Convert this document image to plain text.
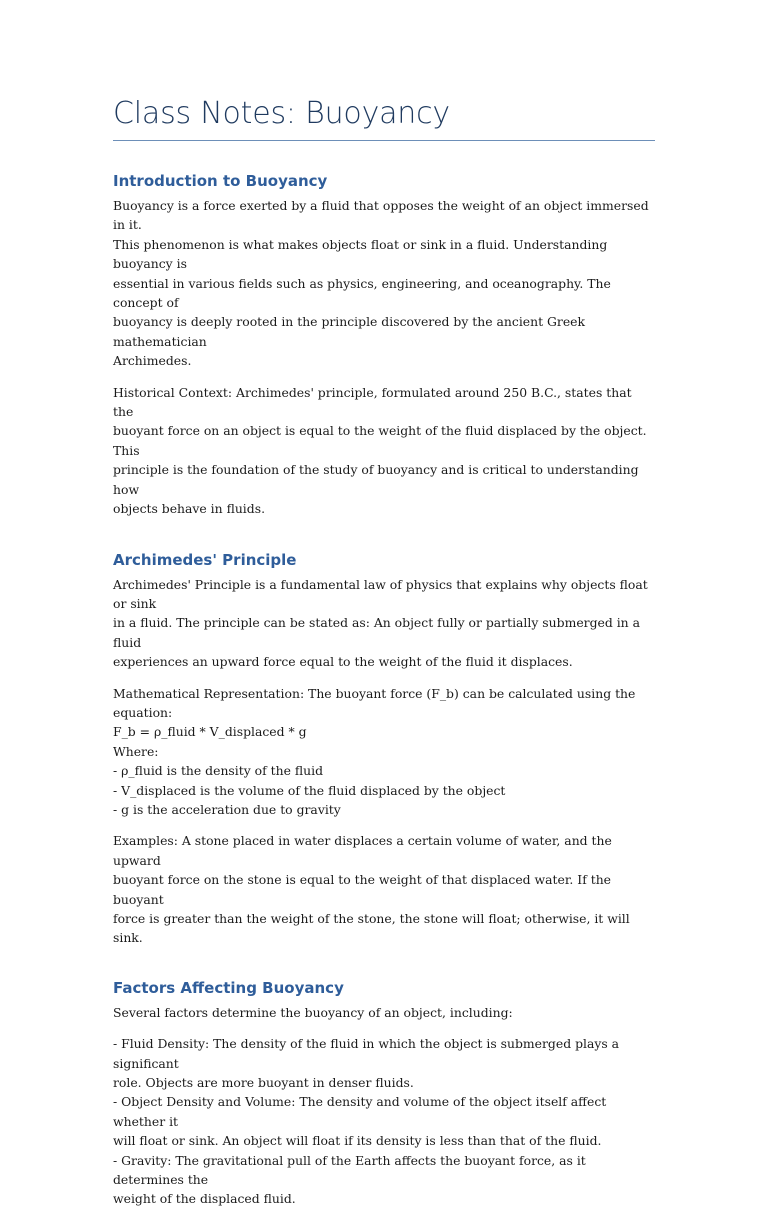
Class Notes: Buoyancy
Introduction to Buoyancy

Buoyancy is a force exerted by a fluid that opposes the weight of an object immersed in it.
This phenomenon is what makes objects float or sink in a fluid. Understanding buoyancy is
essential in various fields such as physics, engineering, and oceanography. The concept of
buoyancy is deeply rooted in the principle discovered by the ancient Greek mathematician
Archimedes.

Historical Context: Archimedes' principle, formulated around 250 B.C., states that the
buoyant force on an object is equal to the weight of the fluid displaced by the object. This
principle is the foundation of the study of buoyancy and is critical to understanding how
objects behave in fluids.

Archimedes' Principle

Archimedes' Principle is a fundamental law of physics that explains why objects float or sink
in a fluid. The principle can be stated as: An object fully or partially submerged in a fluid
experiences an upward force equal to the weight of the fluid it displaces.

Mathematical Representation: The buoyant force (F_b) can be calculated using the equation:
F_b = ρ_fluid * V_displaced * g
Where:
- ρ_fluid is the density of the fluid
- V_displaced is the volume of the fluid displaced by the object
- g is the acceleration due to gravity

Examples: A stone placed in water displaces a certain volume of water, and the upward
buoyant force on the stone is equal to the weight of that displaced water. If the buoyant
force is greater than the weight of the stone, the stone will float; otherwise, it will sink.

Factors Affecting Buoyancy

Several factors determine the buoyancy of an object, including:

- Fluid Density: The density of the fluid in which the object is submerged plays a significant
role. Objects are more buoyant in denser fluids.
- Object Density and Volume: The density and volume of the object itself affect whether it
will float or sink. An object will float if its density is less than that of the fluid.
- Gravity: The gravitational pull of the Earth affects the buoyant force, as it determines the
weight of the displaced fluid.
